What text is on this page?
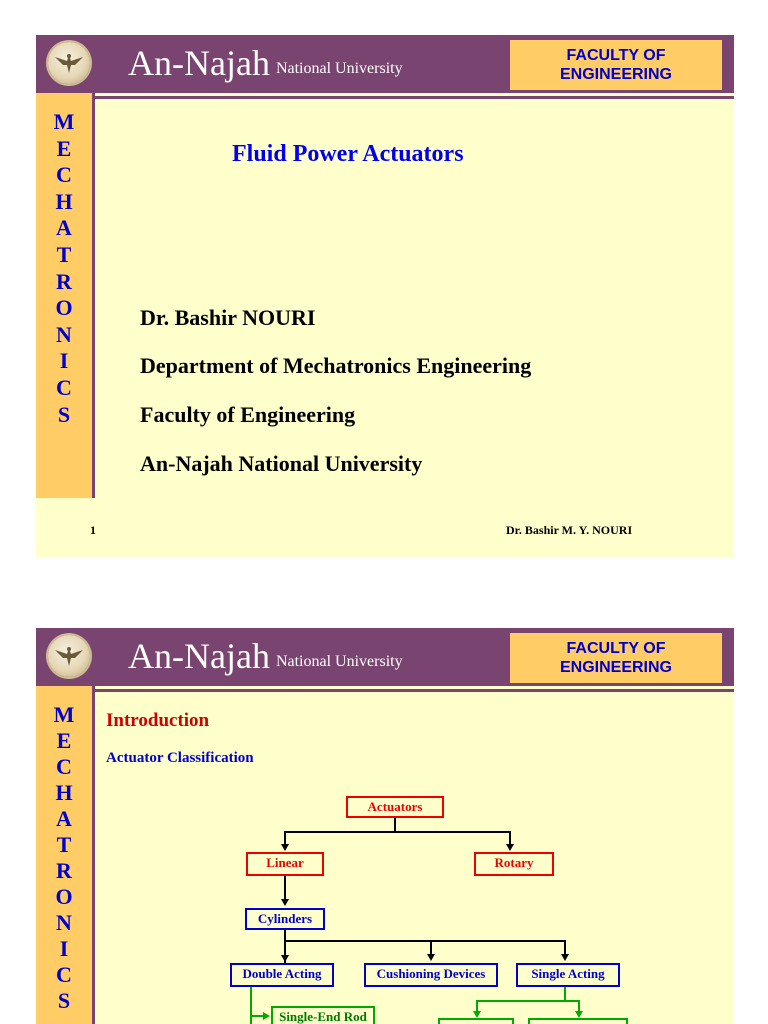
An-Najah National University
FACULTY OF
ENGINEERING
M
E
C
H
A
T
R
O
N
I
C
S
Fluid Power Actuators
Dr. Bashir NOURI
Department of Mechatronics Engineering
Faculty of Engineering
An-Najah National University
1	Dr. Bashir M. Y. NOURI
An-Najah National University
FACULTY OF
ENGINEERING
M
E
C
H
A
T
R
O
N
I
C
S
Introduction
Actuator Classification
Actuators
Linear	Rotary
Cylinders
Double Acting	Cushioning Devices	Single Acting
Single-End Rod
